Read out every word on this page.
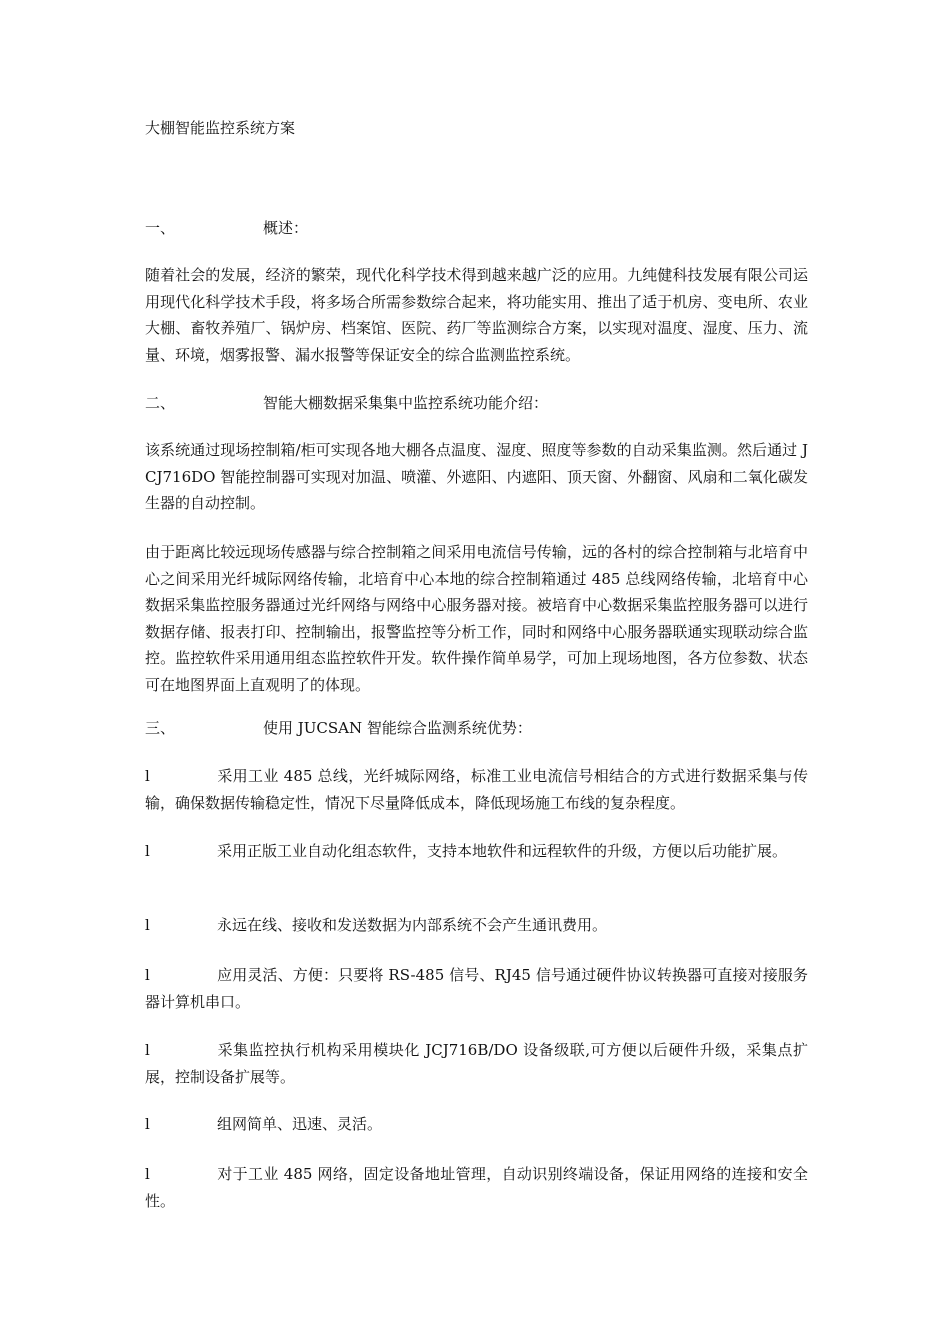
大棚智能监控系统方案
一、	概述：
随着社会的发展，经济的繁荣，现代化科学技术得到越来越广泛的应用。九纯健科技发展有限公司运用现代化科学技术手段，将多场合所需参数综合起来，将功能实用、推出了适于机房、变电所、农业大棚、畜牧养殖厂、锅炉房、档案馆、医院、药厂等监测综合方案，以实现对温度、湿度、压力、流量、环境，烟雾报警、漏水报警等保证安全的综合监测监控系统。
二、	智能大棚数据采集集中监控系统功能介绍：
该系统通过现场控制箱/柜可实现各地大棚各点温度、湿度、照度等参数的自动采集监测。然后通过 JCJ716DO 智能控制器可实现对加温、喷灌、外遮阳、内遮阳、顶天窗、外翻窗、风扇和二氧化碳发生器的自动控制。
由于距离比较远现场传感器与综合控制箱之间采用电流信号传输，远的各村的综合控制箱与北培育中心之间采用光纤城际网络传输，北培育中心本地的综合控制箱通过 485 总线网络传输，北培育中心数据采集监控服务器通过光纤网络与网络中心服务器对接。被培育中心数据采集监控服务器可以进行数据存储、报表打印、控制输出，报警监控等分析工作，同时和网络中心服务器联通实现联动综合监控。监控软件采用通用组态监控软件开发。软件操作简单易学，可加上现场地图，各方位参数、状态可在地图界面上直观明了的体现。
三、	使用 JUCSAN 智能综合监测系统优势：
l	采用工业 485 总线，光纤城际网络，标准工业电流信号相结合的方式进行数据采集与传输，确保数据传输稳定性，情况下尽量降低成本，降低现场施工布线的复杂程度。
l	采用正版工业自动化组态软件，支持本地软件和远程软件的升级，方便以后功能扩展。
l	永远在线、接收和发送数据为内部系统不会产生通讯费用。
l	应用灵活、方便：只要将 RS-485 信号、RJ45 信号通过硬件协议转换器可直接对接服务器计算机串口。
l	采集监控执行机构采用模块化 JCJ716B/DO 设备级联,可方便以后硬件升级，采集点扩展，控制设备扩展等。
l	组网简单、迅速、灵活。
l	对于工业 485 网络，固定设备地址管理，自动识别终端设备，保证用网络的连接和安全性。
